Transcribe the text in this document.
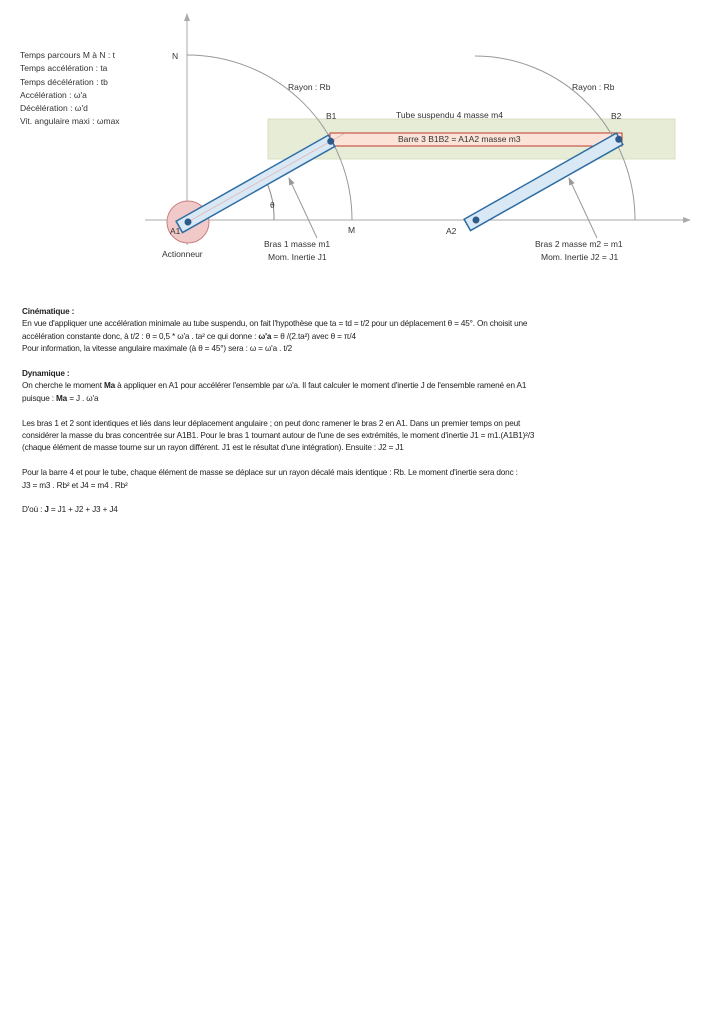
Temps parcours M à N : t
Temps accélération : ta
Temps décélération : tb
Accélération : ω'a
Décélération : ω'd
Vit. angulaire maxi : ωmax
N
M
Rayon : Rb	Rayon : Rb
B1	B2
A1	A2
θ
Tube suspendu 4 masse m4
Barre 3 B1B2 = A1A2 masse m3
Bras 1 masse m1
Mom. Inertie J1
Bras 2 masse m2 = m1
Mom. Inertie J2 = J1
Actionneur

Cinématique :
En vue d'appliquer une accélération minimale au tube suspendu, on fait l'hypothèse que ta = td = t/2 pour un déplacement θ = 45°. On choisit une
accélération constante donc, à t/2 : θ = 0,5 * ω'a . ta² ce qui donne : ω'a = θ /(2.ta²) avec θ = π/4
Pour information, la vitesse angulaire maximale (à θ = 45°) sera : ω = ω'a . t/2

Dynamique :
On cherche le moment Ma à appliquer en A1 pour accélérer l'ensemble par ω'a. Il faut calculer le moment d'inertie J de l'ensemble ramené en A1
puisque : Ma = J . ω'a

Les bras 1 et 2 sont identiques et liés dans leur déplacement angulaire ; on peut donc ramener le bras 2 en A1. Dans un premier temps on peut
considérer la masse du bras concentrée sur A1B1. Pour le bras 1 tournant autour de l'une de ses extrémités, le moment d'inertie J1 = m1.(A1B1)²/3
(chaque élément de masse tourne sur un rayon différent. J1 est le résultat d'une intégration). Ensuite : J2 = J1

Pour la barre 4 et pour le tube, chaque élément de masse se déplace sur un rayon décalé mais identique : Rb. Le moment d'inertie sera donc :
J3 = m3 . Rb² et J4 = m4 . Rb²

D'où : J = J1 + J2 + J3 + J4
